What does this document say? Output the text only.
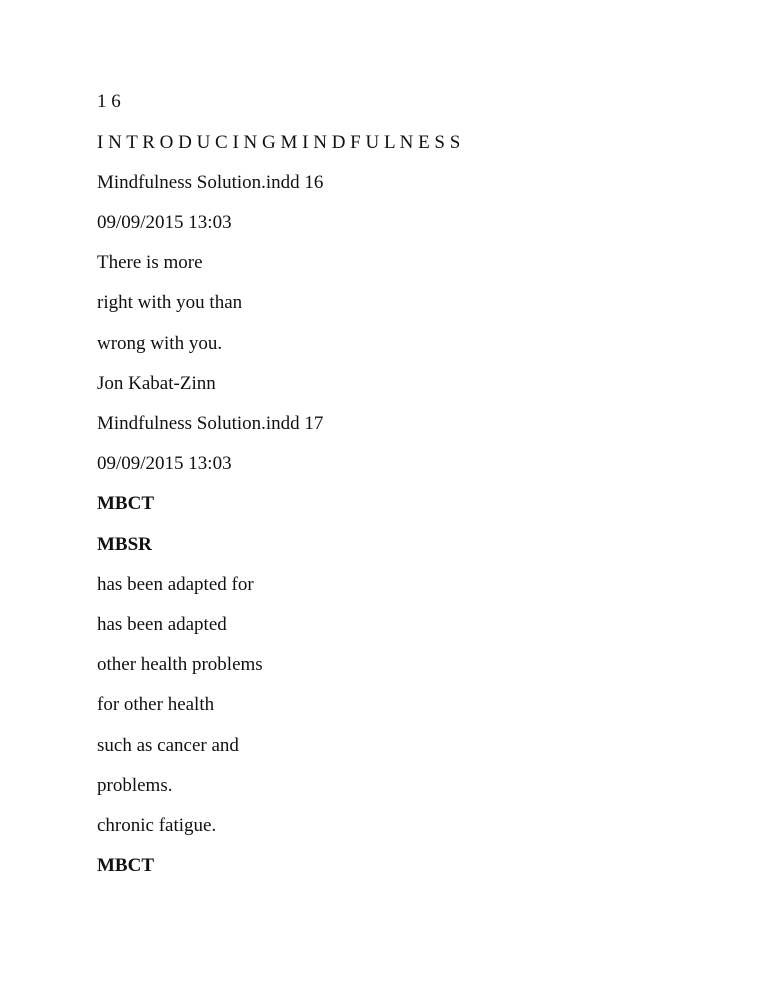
1 6
I N T R O D U C I N G M I N D F U L N E S S
Mindfulness Solution.indd 16
09/09/2015 13:03
There is more
right with you than
wrong with you.
Jon Kabat-Zinn
Mindfulness Solution.indd 17
09/09/2015 13:03
MBCT
MBSR
has been adapted for
has been adapted
other health problems
for other health
such as cancer and
problems.
chronic fatigue.
MBCT
